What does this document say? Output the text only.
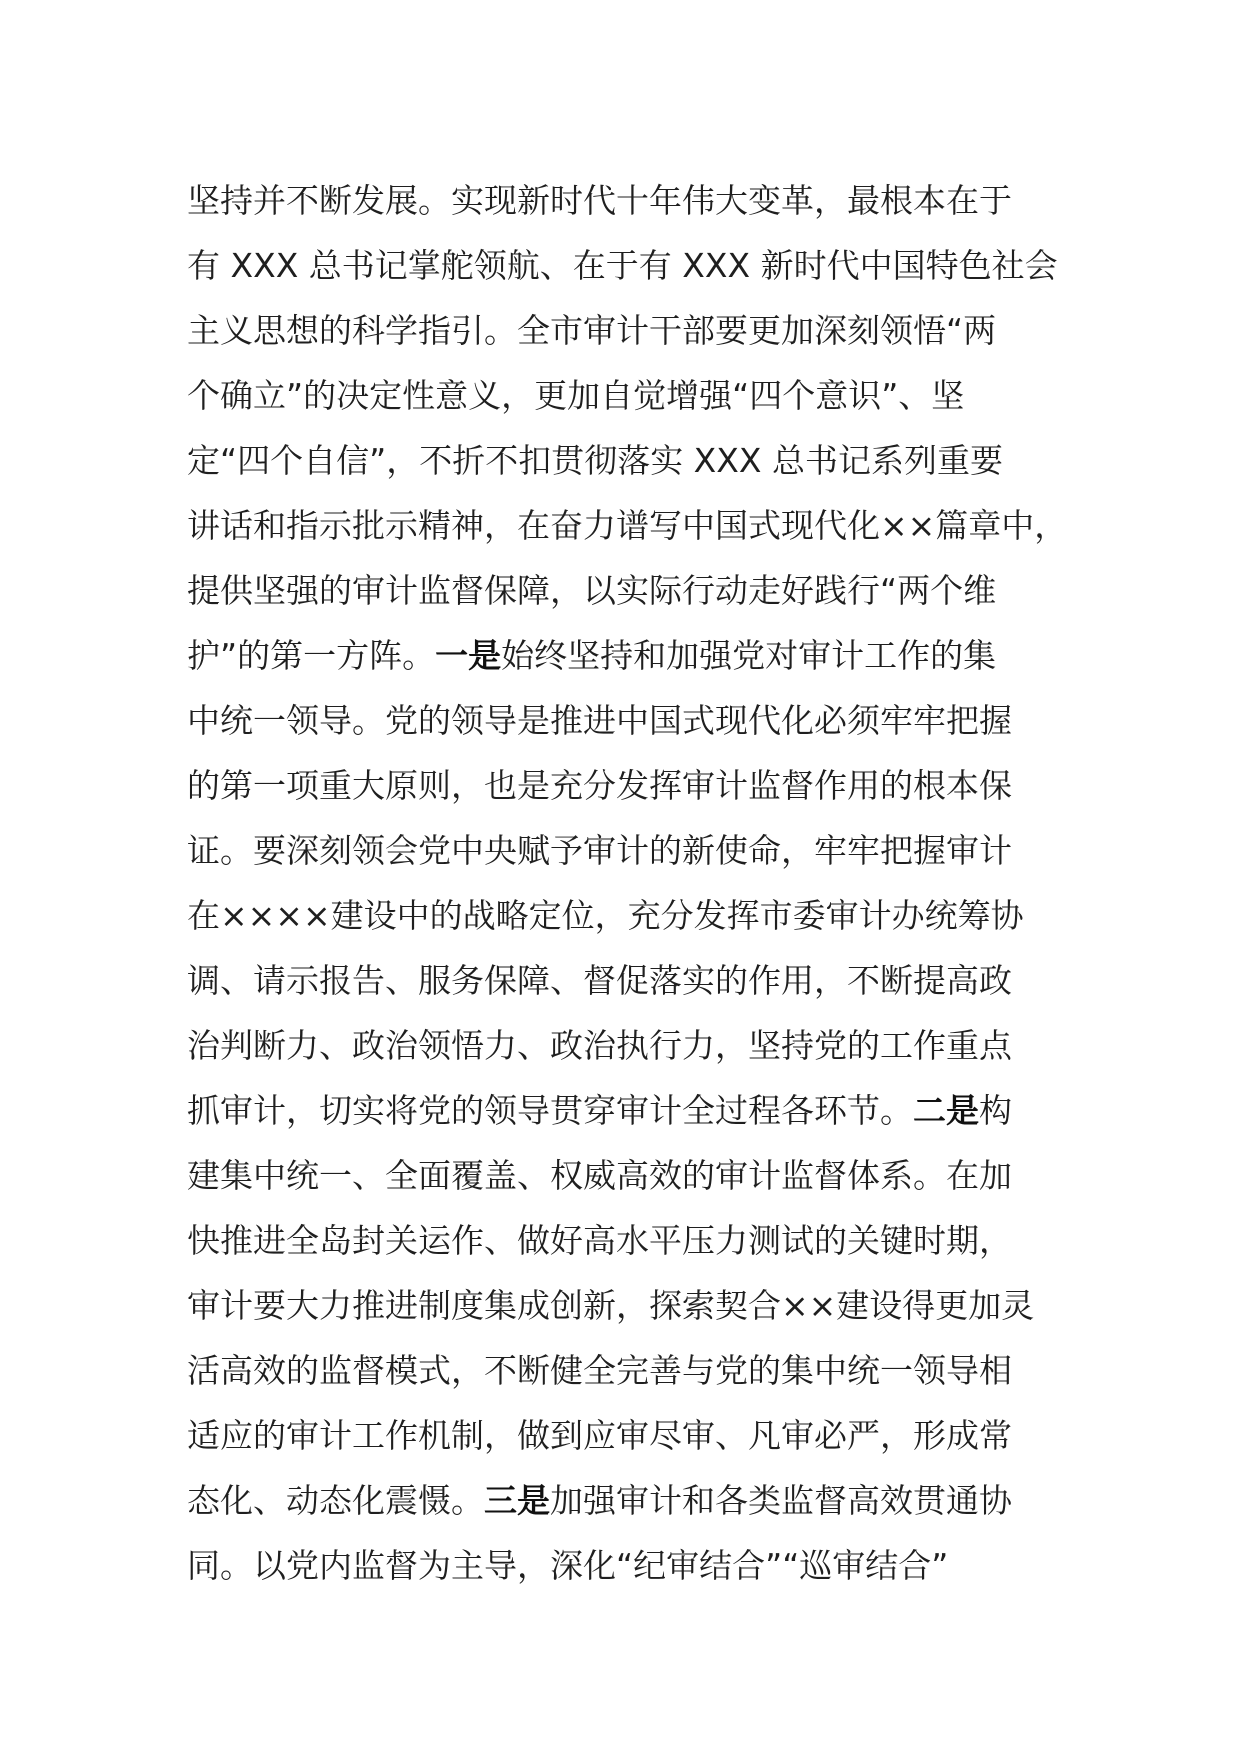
坚持并不断发展。实现新时代十年伟大变革，最根本在于
有 XXX 总书记掌舵领航、在于有 XXX 新时代中国特色社会
主义思想的科学指引。全市审计干部要更加深刻领悟“两
个确立”的决定性意义，更加自觉增强“四个意识”、坚
定“四个自信”，不折不扣贯彻落实 XXX 总书记系列重要
讲话和指示批示精神，在奋力谱写中国式现代化××篇章中，
提供坚强的审计监督保障，以实际行动走好践行“两个维
护”的第一方阵。一是始终坚持和加强党对审计工作的集
中统一领导。党的领导是推进中国式现代化必须牢牢把握
的第一项重大原则，也是充分发挥审计监督作用的根本保
证。要深刻领会党中央赋予审计的新使命，牢牢把握审计
在××××建设中的战略定位，充分发挥市委审计办统筹协
调、请示报告、服务保障、督促落实的作用，不断提高政
治判断力、政治领悟力、政治执行力，坚持党的工作重点
抓审计，切实将党的领导贯穿审计全过程各环节。二是构
建集中统一、全面覆盖、权威高效的审计监督体系。在加
快推进全岛封关运作、做好高水平压力测试的关键时期，
审计要大力推进制度集成创新，探索契合××建设得更加灵
活高效的监督模式，不断健全完善与党的集中统一领导相
适应的审计工作机制，做到应审尽审、凡审必严，形成常
态化、动态化震慑。三是加强审计和各类监督高效贯通协
同。以党内监督为主导，深化“纪审结合”“巡审结合”
